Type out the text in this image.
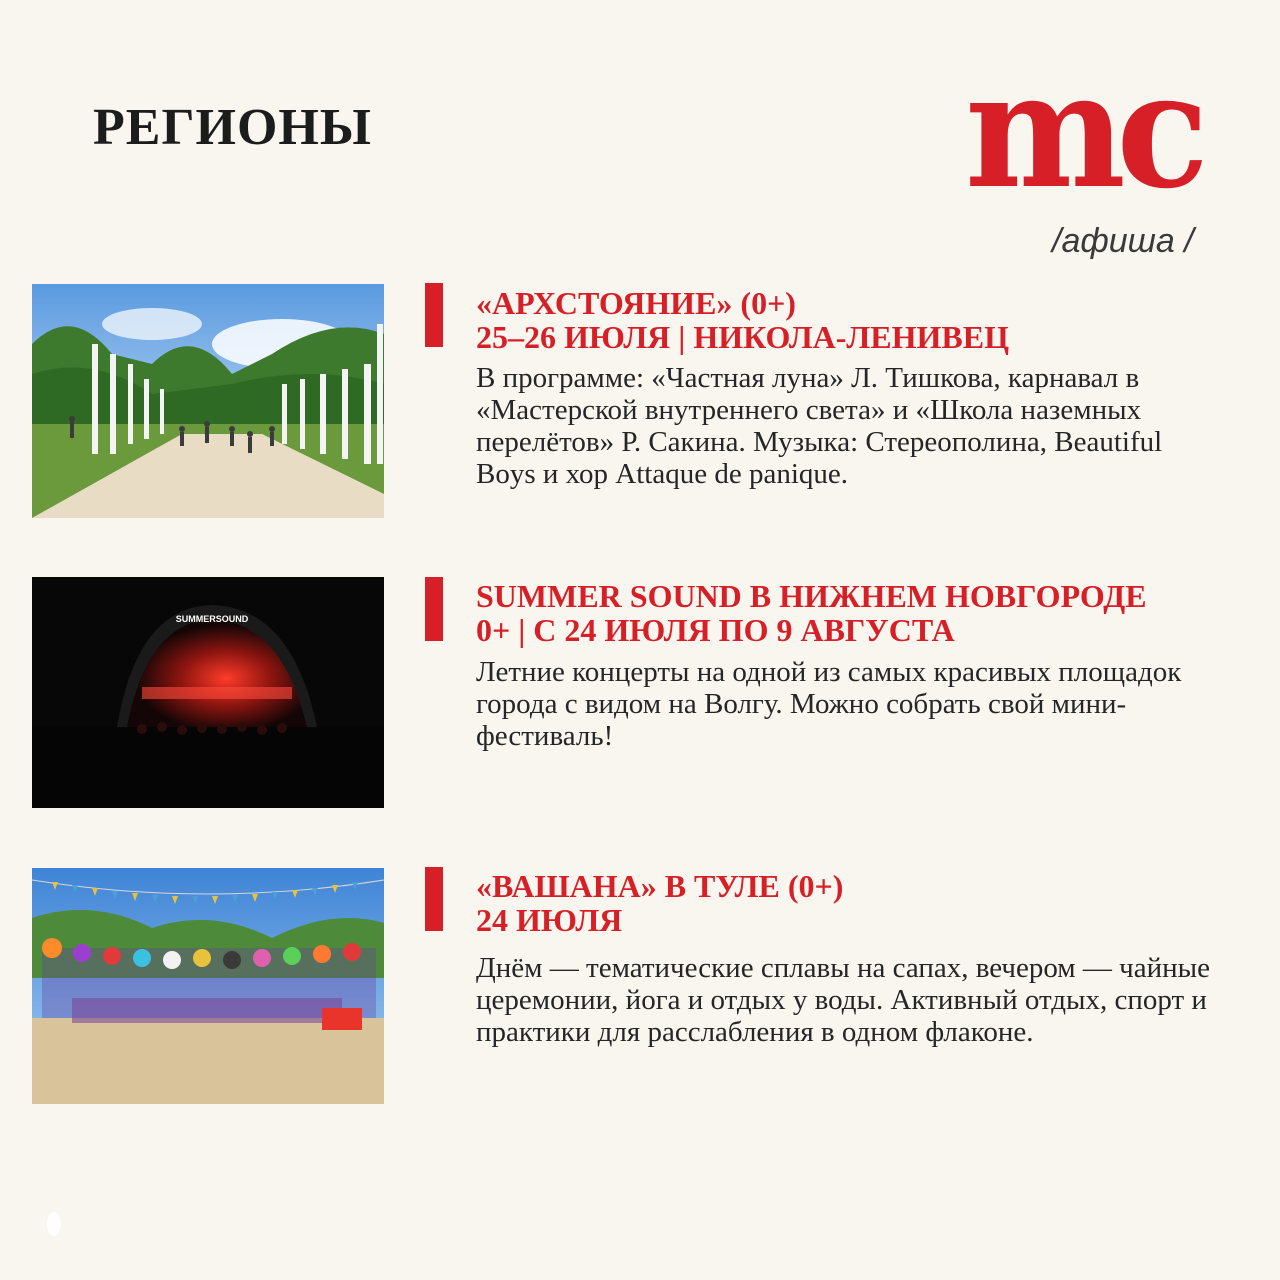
РЕГИОНЫ	mc
/афиша /
«АРХСТОЯНИЕ» (0+)
25–26 ИЮЛЯ | НИКОЛА-ЛЕНИВЕЦ

В программе: «Частная луна» Л. Тишкова, карнавал в «Мастерской внутреннего света» и «Школа наземных перелётов» Р. Сакина. Музыка: Стереополина, Beautiful Boys и хор Attaque de panique.

SUMMERSOUND
SUMMER SOUND В НИЖНЕМ НОВГОРОДЕ
0+ | С 24 ИЮЛЯ ПО 9 АВГУСТА

Летние концерты на одной из самых красивых площадок города с видом на Волгу. Можно собрать свой мини-фестиваль!

«ВАШАНА» В ТУЛЕ (0+)
24 ИЮЛЯ

Днём — тематические сплавы на сапах, вечером — чайные церемонии, йога и отдых у воды. Активный отдых, спорт и практики для расслабления в одном флаконе.
